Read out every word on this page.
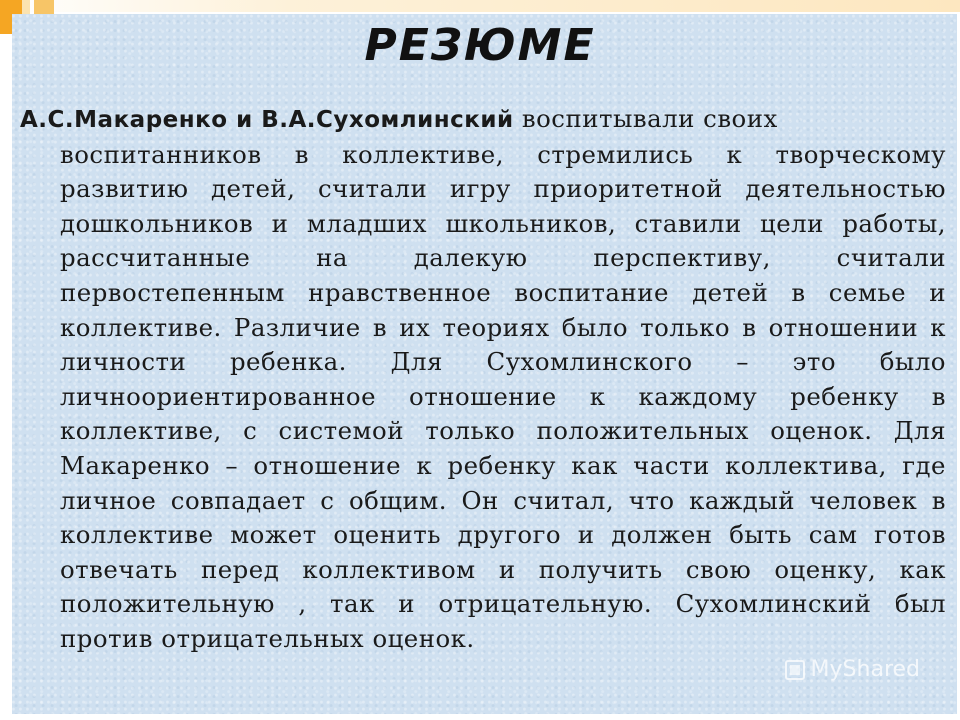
РЕЗЮМЕ
А.С.Макаренко и В.А.Сухомлинский воспитывали своих
воспитанников в коллективе, стремились к творческому развитию детей, считали игру приоритетной деятельностью дошкольников и младших школьников, ставили цели работы, рассчитанные на далекую перспективу, считали первостепенным нравственное воспитание детей в семье и коллективе. Различие в их теориях было только в отношении к личности ребенка. Для Сухомлинского – это было личноориентированное отношение к каждому ребенку в коллективе, с системой только положительных оценок. Для Макаренко – отношение к ребенку как части коллектива, где личное совпадает с общим. Он считал, что каждый человек в коллективе может оценить другого и должен быть сам готов отвечать перед коллективом и получить свою оценку, как положительную , так и отрицательную. Сухомлинский был против отрицательных оценок.
MyShared
